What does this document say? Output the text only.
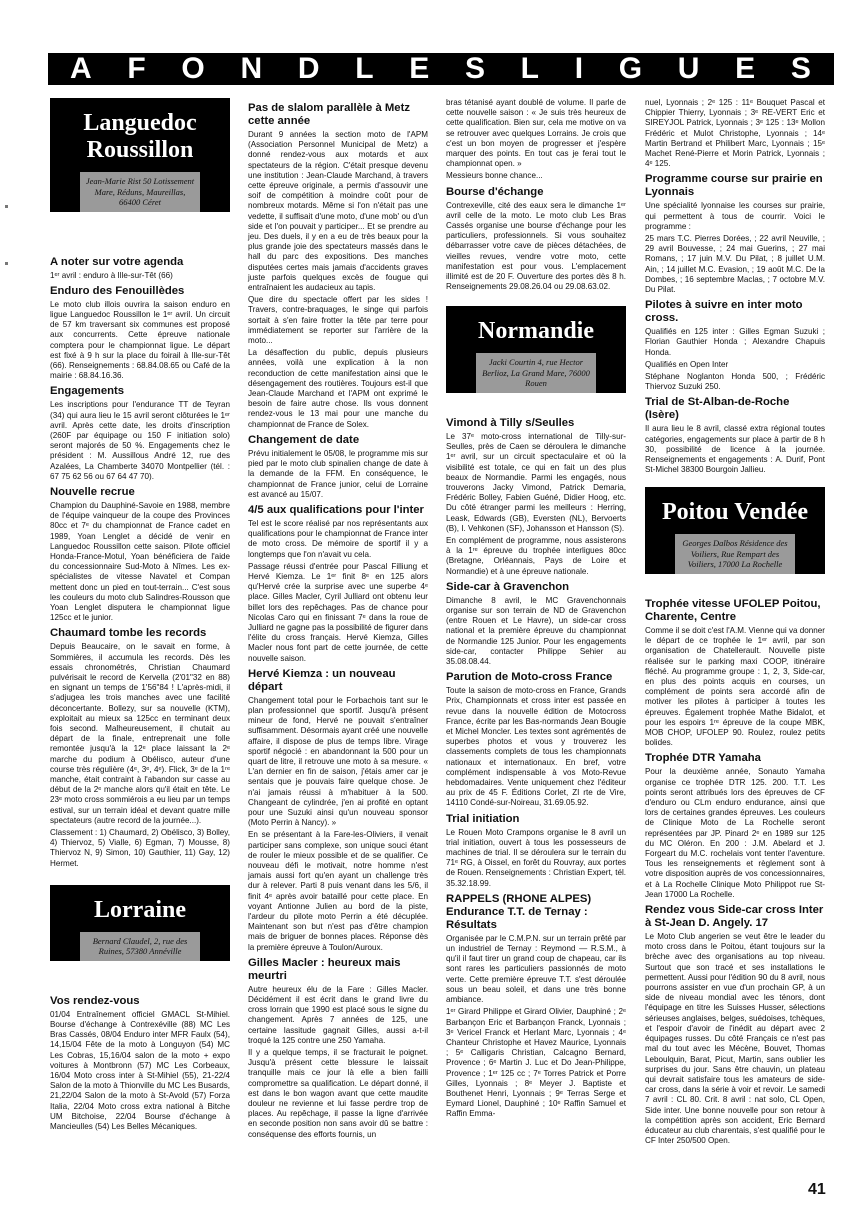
A F O N D L E S L I G U E S
Languedoc Roussillon
Jean-Marie Rist 50 Lotissement Mare, Réduns, Maureillas, 66400 Céret
A noter sur votre agenda

1ᵉʳ avril : enduro à Ille-sur-Têt (66)

Enduro des Fenouillèdes

Le moto club illois ouvrira la saison enduro en ligue Languedoc Roussillon le 1ᵉʳ avril. Un circuit de 57 km traversant six communes est proposé aux concurrents. Cette épreuve nationale comptera pour le championnat ligue. Le départ est fixé à 9 h sur la place du foirail à Ille-sur-Têt (66). Renseignements : 68.84.08.65 ou Café de la mairie : 68.84.16.36.

Engagements

Les inscriptions pour l'endurance TT de Teyran (34) qui aura lieu le 15 avril seront clôturées le 1ᵉʳ avril. Après cette date, les droits d'inscription (260F par équipage ou 150 F initiation solo) seront majorés de 50 %. Engagements chez le président : M. Aussillous André 12, rue des Azalées, La Chamberte 34070 Montpellier (tél. : 67 75 62 56 ou 67 64 47 70).

Nouvelle recrue

Champion du Dauphiné-Savoie en 1988, membre de l'équipe vainqueur de la coupe des Provinces 80cc et 7ᵉ du championnat de France cadet en 1989, Yoan Lenglet a décidé de venir en Languedoc Roussillon cette saison. Pilote officiel Honda-France-Motul, Yoan bénéficiera de l'aide du concessionnaire Sud-Moto à Nîmes. Les ex-spécialistes de vitesse Navatel et Compan mettent donc un pied en tout-terrain... C'est sous les couleurs du moto club Salindres-Rousson que Yoan Lenglet disputera le championnat ligue 125cc et le junior.

Chaumard tombe les records

Depuis Beaucaire, on le savait en forme, à Sommières, il accumula les records. Dès les essais chronométrés, Christian Chaumard pulvérisait le record de Kervella (2'01"32 en 88) en signant un temps de 1'56"84 ! L'après-midi, il s'adjugea les trois manches avec une facilité déconcertante. Bollezy, sur sa nouvelle (KTM), exploitait au mieux sa 125cc en terminant deux fois second. Malheureusement, il chutait au départ de la finale, entreprenait une folle remontée jusqu'à la 12ᵉ place laissant la 2ᵉ marche du podium à Obélisco, auteur d'une course très régulière (4ᵉ, 3ᵉ, 4ᵉ). Flick, 3ᵉ de la 1ʳᵉ manche, était contraint à l'abandon sur casse au début de la 2ᵉ manche alors qu'il était en tête. Le 23ᵉ moto cross sommiérois a eu lieu par un temps estival, sur un terrain idéal et devant quatre mille spectateurs (autre record de la journée...).

Classement : 1) Chaumard, 2) Obélisco, 3) Bolley, 4) Thiervoz, 5) Vialle, 6) Egman, 7) Mousse, 8) Thiervoz N, 9) Simon, 10) Gauthier, 11) Gay, 12) Hermet.

Lorraine
Bernard Claudel, 2, rue des Ruines, 57380 Annéville
Vos rendez-vous

01/04 Entraînement officiel GMACL St-Mihiel. Bourse d'échange à Contrexéville (88) MC Les Bras Cassés, 08/04 Enduro inter MFR Faulx (54), 14,15/04 Fête de la moto à Longuyon (54) MC Les Cobras, 15,16/04 salon de la moto + expo voitures à Montbronn (57) MC Les Corbeaux, 16/04 Moto cross inter à St-Mihiel (55), 21-22/4 Salon de la moto à Thionville du MC Les Busards, 21,22/04 Salon de la moto à St-Avold (57) Forza Italia, 22/04 Moto cross extra national à Bitche UM Bitchoise, 22/04 Bourse d'échange à Mancieulles (54) Les Belles Mécaniques.

Pas de slalom parallèle à Metz cette année

Durant 9 années la section moto de l'APM (Association Personnel Municipal de Metz) a donné rendez-vous aux motards et aux spectateurs de la région. C'était presque devenu une institution : Jean-Claude Marchand, à travers cette épreuve originale, a permis d'assouvir une soif de compétition à moindre coût pour de nombreux motards. Même si l'on n'était pas une vedette, il suffisait d'une moto, d'une mob' ou d'un side et l'on pouvait y participer... Et se prendre au jeu. Des duels, il y en a eu de très beaux pour la plus grande joie des spectateurs massés dans le hall du parc des expositions. Des manches disputées certes mais jamais d'accidents graves juste parfois quelques excès de fougue qui entraînaient les audacieux au tapis.

Que dire du spectacle offert par les sides ! Travers, contre-braquages, le singe qui parfois sortait à s'en faire frotter la tête par terre pour immédiatement se reporter sur l'arrière de la moto...

La désaffection du public, depuis plusieurs années, voilà une explication à la non reconduction de cette manifestation ainsi que le désengagement des routières. Toujours est-il que Jean-Claude Marchand et l'APM ont exprimé le besoin de faire autre chose. Ils vous donnent rendez-vous le 13 mai pour une manche du championnat de France de Solex.

Changement de date

Prévu initialement le 05/08, le programme mis sur pied par le moto club spinalien change de date à la demande de la FFM. En conséquence, le championnat de France junior, celui de Lorraine est avancé au 15/07.

4/5 aux qualifications pour l'inter

Tel est le score réalisé par nos représentants aux qualifications pour le championnat de France inter de moto cross. De mémoire de sportif il y a longtemps que l'on n'avait vu cela.

Passage réussi d'entrée pour Pascal Filliung et Hervé Kiemza. Le 1ᵉʳ finit 8ᵉ en 125 alors qu'Hervé crée la surprise avec une superbe 4ᵉ place. Gilles Macler, Cyril Julliard ont obtenu leur billet lors des repêchages. Pas de chance pour Nicolas Caro qui en finissant 7ᵉ dans la roue de Julliard ne gagne pas la possibilité de figurer dans l'élite du cross français. Hervé Kiemza, Gilles Macler nous font part de cette journée, de cette nouvelle saison.

Hervé Kiemza : un nouveau départ

Changement total pour le Forbachois tant sur le plan professionnel que sportif. Jusqu'à présent mineur de fond, Hervé ne pouvait s'entraîner suffisamment. Désormais ayant créé une nouvelle affaire, il dispose de plus de temps libre. Virage sportif négocié : en abandonnant la 500 pour un quart de litre, il retrouve une moto à sa mesure. « L'an dernier en fin de saison, j'étais amer car je sentais que je pouvais faire quelque chose. Je n'ai jamais réussi à m'habituer à la 500. Changeant de cylindrée, j'en ai profité en optant pour une Suzuki ainsi qu'un nouveau sponsor (Moto Perrin à Nancy). »

En se présentant à la Fare-les-Oliviers, il venait participer sans complexe, son unique souci étant de rouler le mieux possible et de se qualifier. Ce nouveau défi le motivait, notre homme n'est jamais aussi fort qu'en ayant un challenge très dur à relever. Parti 8 puis venant dans les 5/6, il finit 4ᵉ après avoir bataillé pour cette place. En voyant Antionne Julien au bord de la piste, l'ardeur du pilote moto Perrin a été décuplée. Maintenant son but n'est pas d'être champion mais de briguer de bonnes places. Réponse dès la première épreuve à Toulon/Auroux.

Gilles Macler : heureux mais meurtri

Autre heureux élu de la Fare : Gilles Macler. Décidément il est écrit dans le grand livre du cross lorrain que 1990 est placé sous le signe du changement. Après 7 années de 125, une certaine lassitude gagnait Gilles, aussi a-t-il troqué la 125 contre une 250 Yamaha.

Il y a quelque temps, il se fracturait le poignet. Jusqu'à présent cette blessure le laissait tranquille mais ce jour là elle a bien failli compromettre sa qualification. Le départ donné, il est dans le bon wagon avant que cette maudite douleur ne revienne et lui fasse perdre trop de places. Au repêchage, il passe la ligne d'arrivée en seconde position non sans avoir dû se battre : conséquense des efforts fournis, un

bras tétanisé ayant doublé de volume. Il parle de cette nouvelle saison : « Je suis très heureux de cette qualification. Bien sur, cela me motive on va se retrouver avec quelques Lorrains. Je crois que c'est un bon moyen de progresser et j'espère marquer des points. En tout cas je ferai tout le championnat open. »

Messieurs bonne chance...

Bourse d'échange

Contrexeville, cité des eaux sera le dimanche 1ᵉʳ avril celle de la moto. Le moto club Les Bras Cassés organise une bourse d'échange pour les particuliers, professionnels. Si vous souhaitez débarrasser votre cave de pièces détachées, de vieilles revues, vendre votre moto, cette manifestation est pour vous. L'emplacement illimité est de 20 F. Ouverture des portes dès 8 h. Renseignements 29.08.26.04 ou 29.08.63.02.

Normandie
Jacki Courtin 4, rue Hector Berlioz, La Grand Mare, 76000 Rouen
Vimond à Tilly s/Seulles

Le 37ᵉ moto-cross international de Tilly-sur-Seulles, près de Caen se déroulera le dimanche 1ᵉʳ avril, sur un circuit spectaculaire et où la visibilité est totale, ce qui en fait un des plus beaux de Normandie. Parmi les engagés, nous trouverons Jacky Vimond, Patrick Demaria, Frédéric Bolley, Fabien Guéné, Didier Hoog, etc. Du côté étranger parmi les meilleurs : Herring, Leask, Edwards (GB), Eversten (NL), Bervoerts (B), I. Vehkonen (SF), Johansson et Hansson (S).

En complément de programme, nous assisterons à la 1ʳᵉ épreuve du trophée interligues 80cc (Bretagne, Orléannais, Pays de Loire et Normandie) et à une épreuve nationale.

Side-car à Gravenchon

Dimanche 8 avril, le MC Gravenchonnais organise sur son terrain de ND de Gravenchon (entre Rouen et Le Havre), un side-car cross national et la première épreuve du championnat de Normandie 125 Junior. Pour les engagements side-car, contacter Philippe Sehier au 35.08.08.44.

Parution de Moto-cross France

Toute la saison de moto-cross en France, Grands Prix, Championnats et cross inter est passée en revue dans la nouvelle édition de Motocross France, écrite par les Bas-normands Jean Bougie et Michel Moncler. Les textes sont agrémentés de superbes photos et vous y trouverez les classements complets de tous les championnats nationaux et internationaux. En bref, votre complément indispensable à vos Moto-Revue hebdomadaires. Vente uniquement chez l'éditeur au prix de 45 F. Éditions Corlet, ZI rte de Vire, 14110 Condé-sur-Noireau, 31.69.05.92.

Trial initiation

Le Rouen Moto Crampons organise le 8 avril un trial initiation, ouvert à tous les possesseurs de machines de trial. Il se déroulera sur le terrain du 71ᵉ RG, à Oissel, en forêt du Rouvray, aux portes de Rouen. Renseignements : Christian Expert, tél. 35.32.18.99.

RAPPELS (RHONE ALPES) Endurance T.T. de Ternay : Résultats

Organisée par le C.M.P.N. sur un terrain prêté par un industriel de Ternay : Reymond — R.S.M., à qu'il il faut tirer un grand coup de chapeau, car ils sont rares les particuliers passionnés de moto verte. Cette première épreuve T.T. s'est déroulée sous un beau soleil, et dans une très bonne ambiance.

1ᵉʳ Girard Philippe et Girard Olivier, Dauphiné ; 2ᵉ Barbançon Eric et Barbançon Franck, Lyonnais ; 3ᵉ Vericel Franck et Herlant Marc, Lyonnais ; 4ᵉ Chanteur Christophe et Havez Maurice, Lyonnais ; 5ᵉ Calligaris Christian, Calcagno Bernard, Provence ; 6ᵉ Martin J. Luc et Do Jean-Philippe, Provence ; 1ᵉʳ 125 cc ; 7ᵉ Torres Patrick et Porre Gilles, Lyonnais ; 8ᵉ Meyer J. Baptiste et Bouthenet Henri, Lyonnais ; 9ᵉ Terras Serge et Eymard Lionel, Dauphiné ; 10ᵉ Raffin Samuel et Raffin Emma-

nuel, Lyonnais ; 2ᵉ 125 : 11ᵉ Bouquet Pascal et Chippier Thierry, Lyonnais ; 3ᵉ RE-VERT Eric et SIREYJOL Patrick, Lyonnais ; 3ᵉ 125 : 13ᵉ Mollon Frédéric et Mulot Christophe, Lyonnais ; 14ᵉ Martin Bertrand et Philibert Marc, Lyonnais ; 15ᵉ Machet René-Pierre et Morin Patrick, Lyonnais ; 4ᵉ 125.

Programme course sur prairie en Lyonnais

Une spécialité lyonnaise les courses sur prairie, qui permettent à tous de courrir. Voici le programme :

25 mars T.C. Pierres Dorées, ; 22 avril Neuville, ; 29 avril Bouvesse, ; 24 mai Guerins, ; 27 mai Romans, ; 17 juin M.V. Du Pilat, ; 8 juillet U.M. Ain, ; 14 juillet M.C. Evasion, ; 19 août M.C. De la Dombes, ; 16 septembre Maclas, ; 7 octobre M.V. Du Pilat.

Pilotes à suivre en inter moto cross.

Qualifiés en 125 inter : Gilles Egman Suzuki ; Florian Gauthier Honda ; Alexandre Chapuis Honda.

Qualifiés en Open Inter

Stéphane Noglanton Honda 500, ; Frédéric Thiervoz Suzuki 250.

Trial de St-Alban-de-Roche (Isère)

Il aura lieu le 8 avril, classé extra régional toutes catégories, engagements sur place à partir de 8 h 30, possibilité de licence à la journée. Renseignements et engagements : A. Durif, Pont St-Michel 38300 Bourgoin Jallieu.

Poitou Vendée
Georges Dalbos Résidence des Voiliers, Rue Rempart des Voiliers, 17000 La Rochelle
Trophée vitesse UFOLEP Poitou, Charente, Centre

Comme il se doit c'est l'A.M. Vienne qui va donner le départ de ce trophée le 1ᵉʳ avril, par son organisation de Chatellerault. Nouvelle piste réalisée sur le parking maxi COOP, itinéraire fléché. Au programme groupe : 1, 2, 3, Side-car, en plus des points acquis en courses, un complément de points sera accordé afin de motiver les pilotes à participer à toutes les épreuves. Également trophée Mathe Bidalot, et pour les espoirs 1ʳᵉ épreuve de la coupe MBK, MOB CHOP, UFOLEP 90. Roulez, roulez petits bolides.

Trophée DTR Yamaha

Pour la deuxième année, Sonauto Yamaha organise ce trophée DTR 125. 200. T.T. Les points seront attribués lors des épreuves de CF d'enduro ou CLm enduro endurance, ainsi que lors de certaines grandes épreuves. Les couleurs de Clinique Moto de La Rochelle seront représentées par JP. Pinard 2ᵉ en 1989 sur 125 du MC Oléron. En 200 : J.M. Abelard et J. Forgeart du M.C. rochelais vont tenter l'aventure. Tous les renseignements et règlement sont à votre disposition auprès de vos concessionnaires, et à La Rochelle Clinique Moto Philippot rue St-Jean 17000 La Rochelle.

Rendez vous Side-car cross Inter à St-Jean D. Angely. 17

Le Moto Club angerien se veut être le leader du moto cross dans le Poitou, étant toujours sur la brèche avec des organisations au top niveau. Surtout que son tracé et ses installations le permettent. Aussi pour l'édition 90 du 8 avril, nous pourrons assister en vue d'un prochain GP, à un side de niveau mondial avec les ténors, dont l'équipage en titre les Suisses Husser, sélections sérieuses anglaises, belges, suédoises, tchèques, et l'espoir d'avoir de l'inédit au départ avec 2 équipages russes. Du côté Français ce n'est pas mal du tout avec les Mécène, Bouvet, Thomas Leboulquin, Barat, Picut, Martin, sans oublier les surprises du jour. Sans être chauvin, un plateau qui devrait satisfaire tous les amateurs de side-car cross, dans la série à voir et revoir. Le samedi 7 avril : CL 80. Crit. 8 avril : nat solo, CL Open, Side inter. Une bonne nouvelle pour son retour à la compétition après son accident, Eric Bernard éducateur au club charentais, s'est qualifié pour le CF Inter 250/500 Open.

41
